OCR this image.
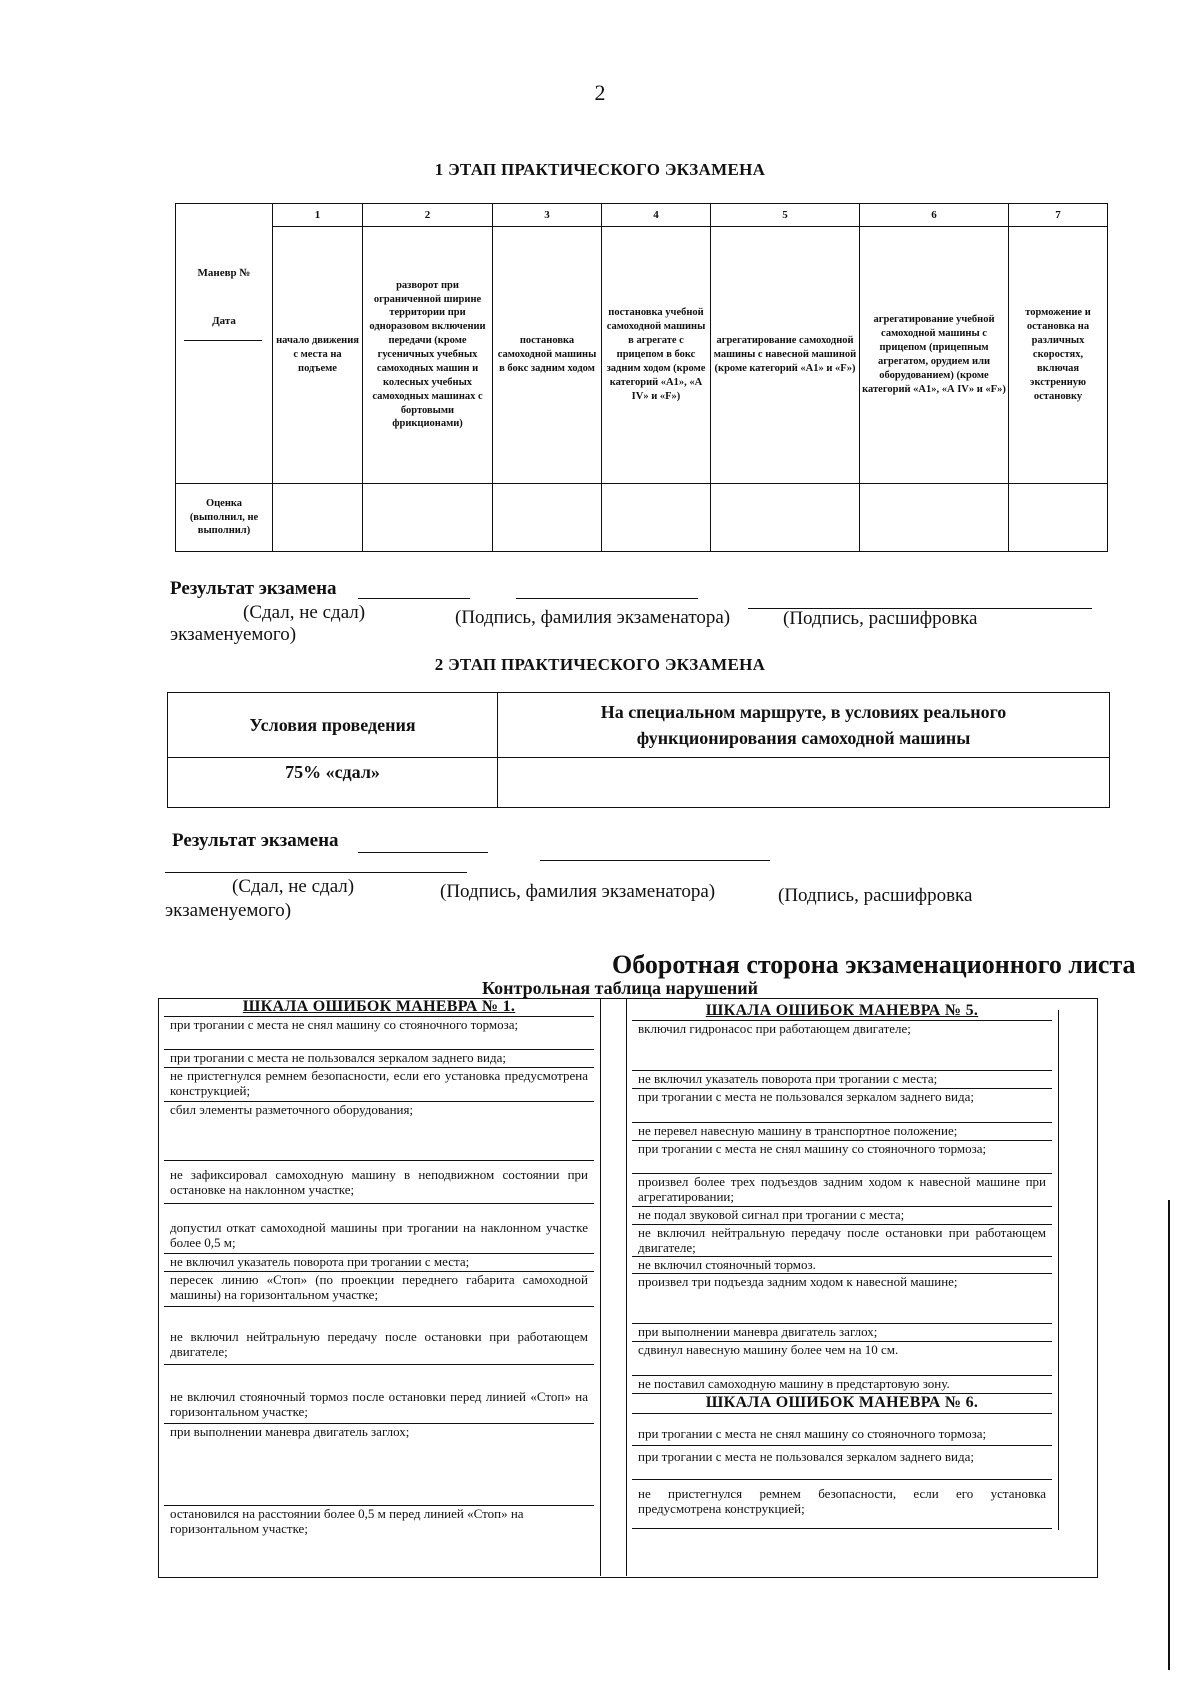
2
1 ЭТАП ПРАКТИЧЕСКОГО ЭКЗАМЕНА
Маневр №
Дата	1	2	3	4	5	6	7
	начало движения с места на подъеме	разворот при ограниченной ширине территории при одноразовом включении передачи (кроме гусеничных учебных самоходных машин и колесных учебных самоходных машинах с бортовыми фрикционами)	постановка самоходной машины в бокс задним ходом	постановка учебной самоходной машины в агрегате с прицепом в бокс задним ходом (кроме категорий «А1», «А IV» и «F»)	агрегатирование самоходной машины с навесной машиной (кроме категорий «А1» и «F»)	агрегатирование учебной самоходной машины с прицепом (прицепным агрегатом, орудием или оборудованием) (кроме категорий «А1», «А IV» и «F»)	торможение и остановка на различных скоростях, включая экстренную остановку
Оценка (выполнил, не выполнил)							
Результат экзамена
(Сдал, не сдал)	(Подпись, фамилия экзаменатора)	(Подпись, расшифровка
экзаменуемого)
2 ЭТАП ПРАКТИЧЕСКОГО ЭКЗАМЕНА
Условия проведения	На специальном маршруте, в условиях реального функционирования самоходной машины
75% «сдал»	
Результат экзамена
(Сдал, не сдал)	(Подпись, фамилия экзаменатора)	(Подпись, расшифровка
экзаменуемого)
Оборотная сторона экзаменационного листа
Контрольная таблица нарушений
ШКАЛА ОШИБОК МАНЕВРА № 1.
при трогании с места не снял машину со стояночного тормоза;
при трогании с места не пользовался зеркалом заднего вида;
не пристегнулся ремнем безопасности, если его установка предусмотрена конструкцией;
сбил элементы разметочного оборудования;
не зафиксировал самоходную машину в неподвижном состоянии при остановке на наклонном участке;
допустил откат самоходной машины при трогании на наклонном участке более 0,5 м;
не включил указатель поворота при трогании с места;
пересек линию «Стоп» (по проекции переднего габарита самоходной машины) на горизонтальном участке;
не включил нейтральную передачу после остановки при работающем двигателе;
не включил стояночный тормоз после остановки перед линией «Стоп» на горизонтальном участке;
при выполнении маневра двигатель заглох;
остановился на расстоянии более 0,5 м перед линией «Стоп» на горизонтальном участке;
ШКАЛА ОШИБОК МАНЕВРА № 5.
включил гидронасос при работающем двигателе;
не включил указатель поворота при трогании с места;
при трогании с места не пользовался зеркалом заднего вида;
не перевел навесную машину в транспортное положение;
при трогании с места не снял машину со стояночного тормоза;
произвел более трех подъездов задним ходом к навесной машине при агрегатировании;
не подал звуковой сигнал при трогании с места;
не включил нейтральную передачу после остановки при работающем двигателе;
не включил стояночный тормоз.
произвел три подъезда задним ходом к навесной машине;
при выполнении маневра двигатель заглох;
сдвинул навесную машину более чем на 10 см.
не поставил самоходную машину в предстартовую зону.
ШКАЛА ОШИБОК МАНЕВРА № 6.
при трогании с места не снял машину со стояночного тормоза;
при трогании с места не пользовался зеркалом заднего вида;
не пристегнулся ремнем безопасности, если его установка предусмотрена конструкцией;
